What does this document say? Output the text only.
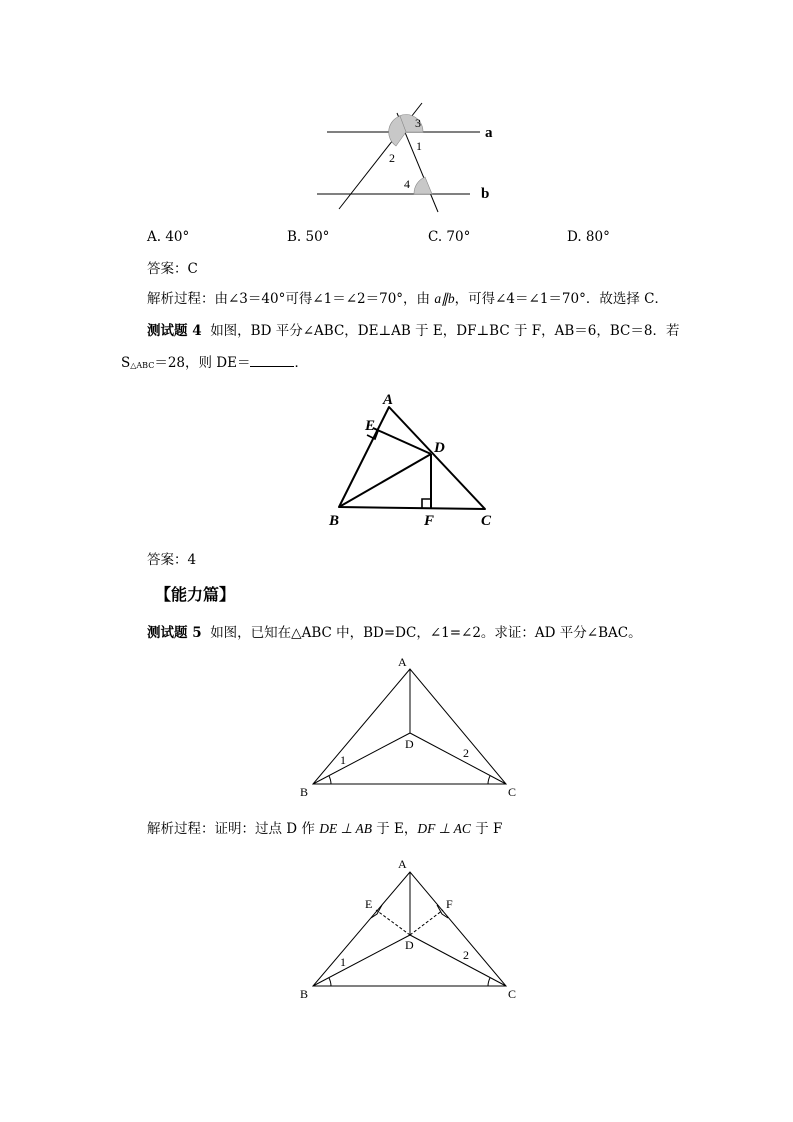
3
1
2
4
a
b
A. 40°	B. 50°	C. 70°	D. 80°
答案：C
解析过程：由∠3＝40°可得∠1＝∠2＝70°，由 a∥b，可得∠4＝∠1＝70°．故选择 C．
测试题 4 如图，BD 平分∠ABC，DE⊥AB 于 E，DF⊥BC 于 F，AB＝6，BC＝8．若
S△ABC＝28，则 DE＝	．
A
E
D
B	F	C
答案：4
【能力篇】
测试题 5 如图，已知在△ABC 中，BD=DC，∠1=∠2。求证：AD 平分∠BAC。
A
D
B	C
1	2
解析过程：证明：过点 D 作 DE ⊥ AB 于 E，DF ⊥ AC 于 F
A
E	F
D
B	C
1	2
